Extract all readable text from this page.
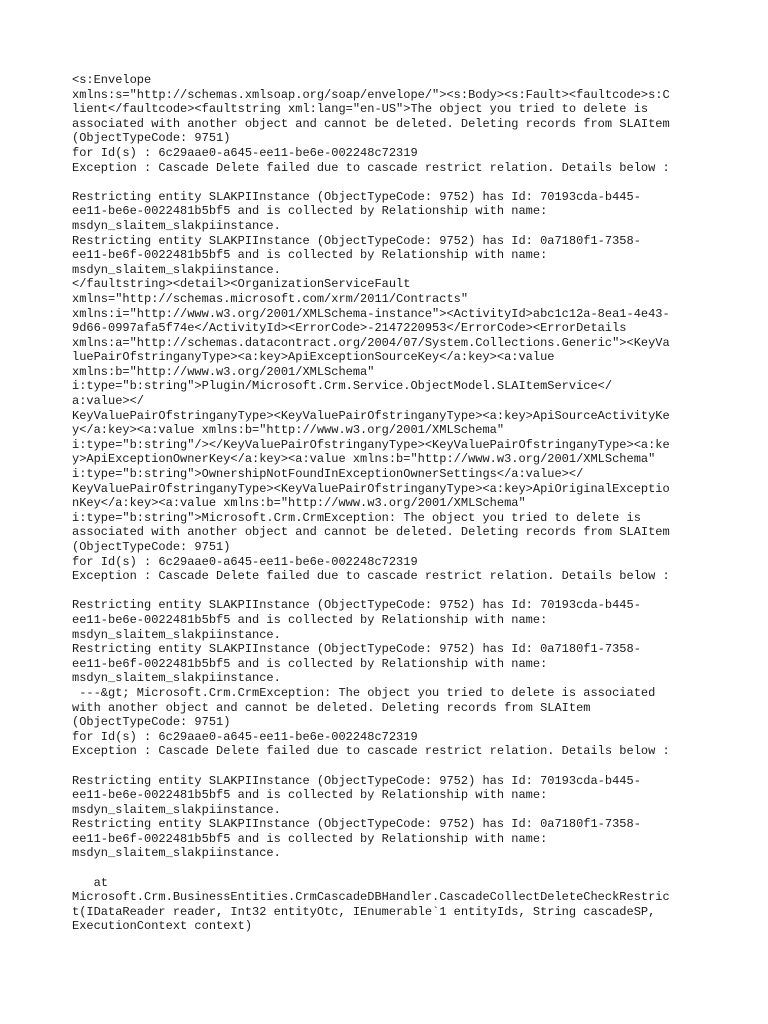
<s:Envelope
xmlns:s="http://schemas.xmlsoap.org/soap/envelope/"><s:Body><s:Fault><faultcode>s:C
lient</faultcode><faultstring xml:lang="en-US">The object you tried to delete is
associated with another object and cannot be deleted. Deleting records from SLAItem
(ObjectTypeCode: 9751)
for Id(s) : 6c29aae0-a645-ee11-be6e-002248c72319
Exception : Cascade Delete failed due to cascade restrict relation. Details below :
Restricting entity SLAKPIInstance (ObjectTypeCode: 9752) has Id: 70193cda-b445-
ee11-be6e-0022481b5bf5 and is collected by Relationship with name:
msdyn_slaitem_slakpiinstance.
Restricting entity SLAKPIInstance (ObjectTypeCode: 9752) has Id: 0a7180f1-7358-
ee11-be6f-0022481b5bf5 and is collected by Relationship with name:
msdyn_slaitem_slakpiinstance.
</faultstring><detail><OrganizationServiceFault
xmlns="http://schemas.microsoft.com/xrm/2011/Contracts"
xmlns:i="http://www.w3.org/2001/XMLSchema-instance"><ActivityId>abc1c12a-8ea1-4e43-
9d66-0997afa5f74e</ActivityId><ErrorCode>-2147220953</ErrorCode><ErrorDetails
xmlns:a="http://schemas.datacontract.org/2004/07/System.Collections.Generic"><KeyVa
luePairOfstringanyType><a:key>ApiExceptionSourceKey</a:key><a:value
xmlns:b="http://www.w3.org/2001/XMLSchema"
i:type="b:string">Plugin/Microsoft.Crm.Service.ObjectModel.SLAItemService</
a:value></
KeyValuePairOfstringanyType><KeyValuePairOfstringanyType><a:key>ApiSourceActivityKe
y</a:key><a:value xmlns:b="http://www.w3.org/2001/XMLSchema"
i:type="b:string"/></KeyValuePairOfstringanyType><KeyValuePairOfstringanyType><a:ke
y>ApiExceptionOwnerKey</a:key><a:value xmlns:b="http://www.w3.org/2001/XMLSchema"
i:type="b:string">OwnershipNotFoundInExceptionOwnerSettings</a:value></
KeyValuePairOfstringanyType><KeyValuePairOfstringanyType><a:key>ApiOriginalExceptio
nKey</a:key><a:value xmlns:b="http://www.w3.org/2001/XMLSchema"
i:type="b:string">Microsoft.Crm.CrmException: The object you tried to delete is
associated with another object and cannot be deleted. Deleting records from SLAItem
(ObjectTypeCode: 9751)
for Id(s) : 6c29aae0-a645-ee11-be6e-002248c72319
Exception : Cascade Delete failed due to cascade restrict relation. Details below :
Restricting entity SLAKPIInstance (ObjectTypeCode: 9752) has Id: 70193cda-b445-
ee11-be6e-0022481b5bf5 and is collected by Relationship with name:
msdyn_slaitem_slakpiinstance.
Restricting entity SLAKPIInstance (ObjectTypeCode: 9752) has Id: 0a7180f1-7358-
ee11-be6f-0022481b5bf5 and is collected by Relationship with name:
msdyn_slaitem_slakpiinstance.
---&gt; Microsoft.Crm.CrmException: The object you tried to delete is associated
with another object and cannot be deleted. Deleting records from SLAItem
(ObjectTypeCode: 9751)
for Id(s) : 6c29aae0-a645-ee11-be6e-002248c72319
Exception : Cascade Delete failed due to cascade restrict relation. Details below :
Restricting entity SLAKPIInstance (ObjectTypeCode: 9752) has Id: 70193cda-b445-
ee11-be6e-0022481b5bf5 and is collected by Relationship with name:
msdyn_slaitem_slakpiinstance.
Restricting entity SLAKPIInstance (ObjectTypeCode: 9752) has Id: 0a7180f1-7358-
ee11-be6f-0022481b5bf5 and is collected by Relationship with name:
msdyn_slaitem_slakpiinstance.
at
Microsoft.Crm.BusinessEntities.CrmCascadeDBHandler.CascadeCollectDeleteCheckRestric
t(IDataReader reader, Int32 entityOtc, IEnumerable`1 entityIds, String cascadeSP,
ExecutionContext context)
